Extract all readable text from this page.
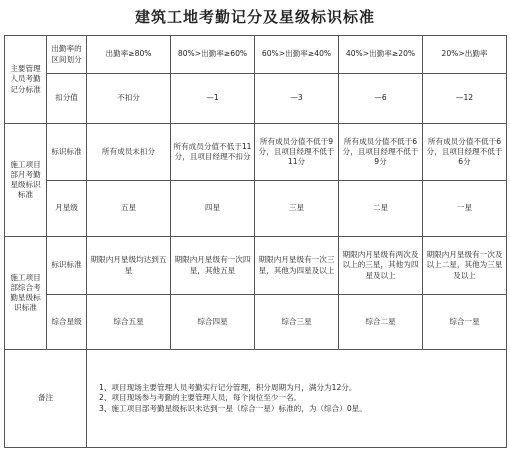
建筑工地考勤记分及星级标识标准
主要管理人员考勤记分标准	出勤率的区间划分	出勤率≥80%	80%>出勤率≥60%	60%>出勤率≥40%	40%>出勤率≥20%	20%>出勤率
	扣分值	不扣分	—1	—3	—6	—12
施工项目部月考勤星级标识标准	标识标准	所有成员未扣分	所有成员分值不低于11分，且项目经理不扣分	所有成员分值不低于9分，且项目经理不低于11分	所有成员分值不低于6分，且项目经理不低于9分	所有成员分值不低于6分，且项目经理不低于6分
	月星级	五星	四星	三星	二星	一星
施工项目部综合考勤星级标识标准	标识标准	期限内月星级均达到五星	期限内月星级有一次四星，其他五星	期限内月星级有一次三星，其他为四星及以上	期限内月星级有两次及以上的三星，其他为四星及以上	期限内月星级有一次及以上二星，其他为三星及以上
	综合星级	综合五星	综合四星	综合三星	综合二星	综合一星
备注		1、项目现场主要管理人员考勤实行记分管理，积分周期为月，满分为12分。
2、项目现场参与考勤的主要管理人员，每个岗位至少一名。
3、施工项目部考勤星级标识未达到一星（综合一星）标准的，为（综合）0星。				
